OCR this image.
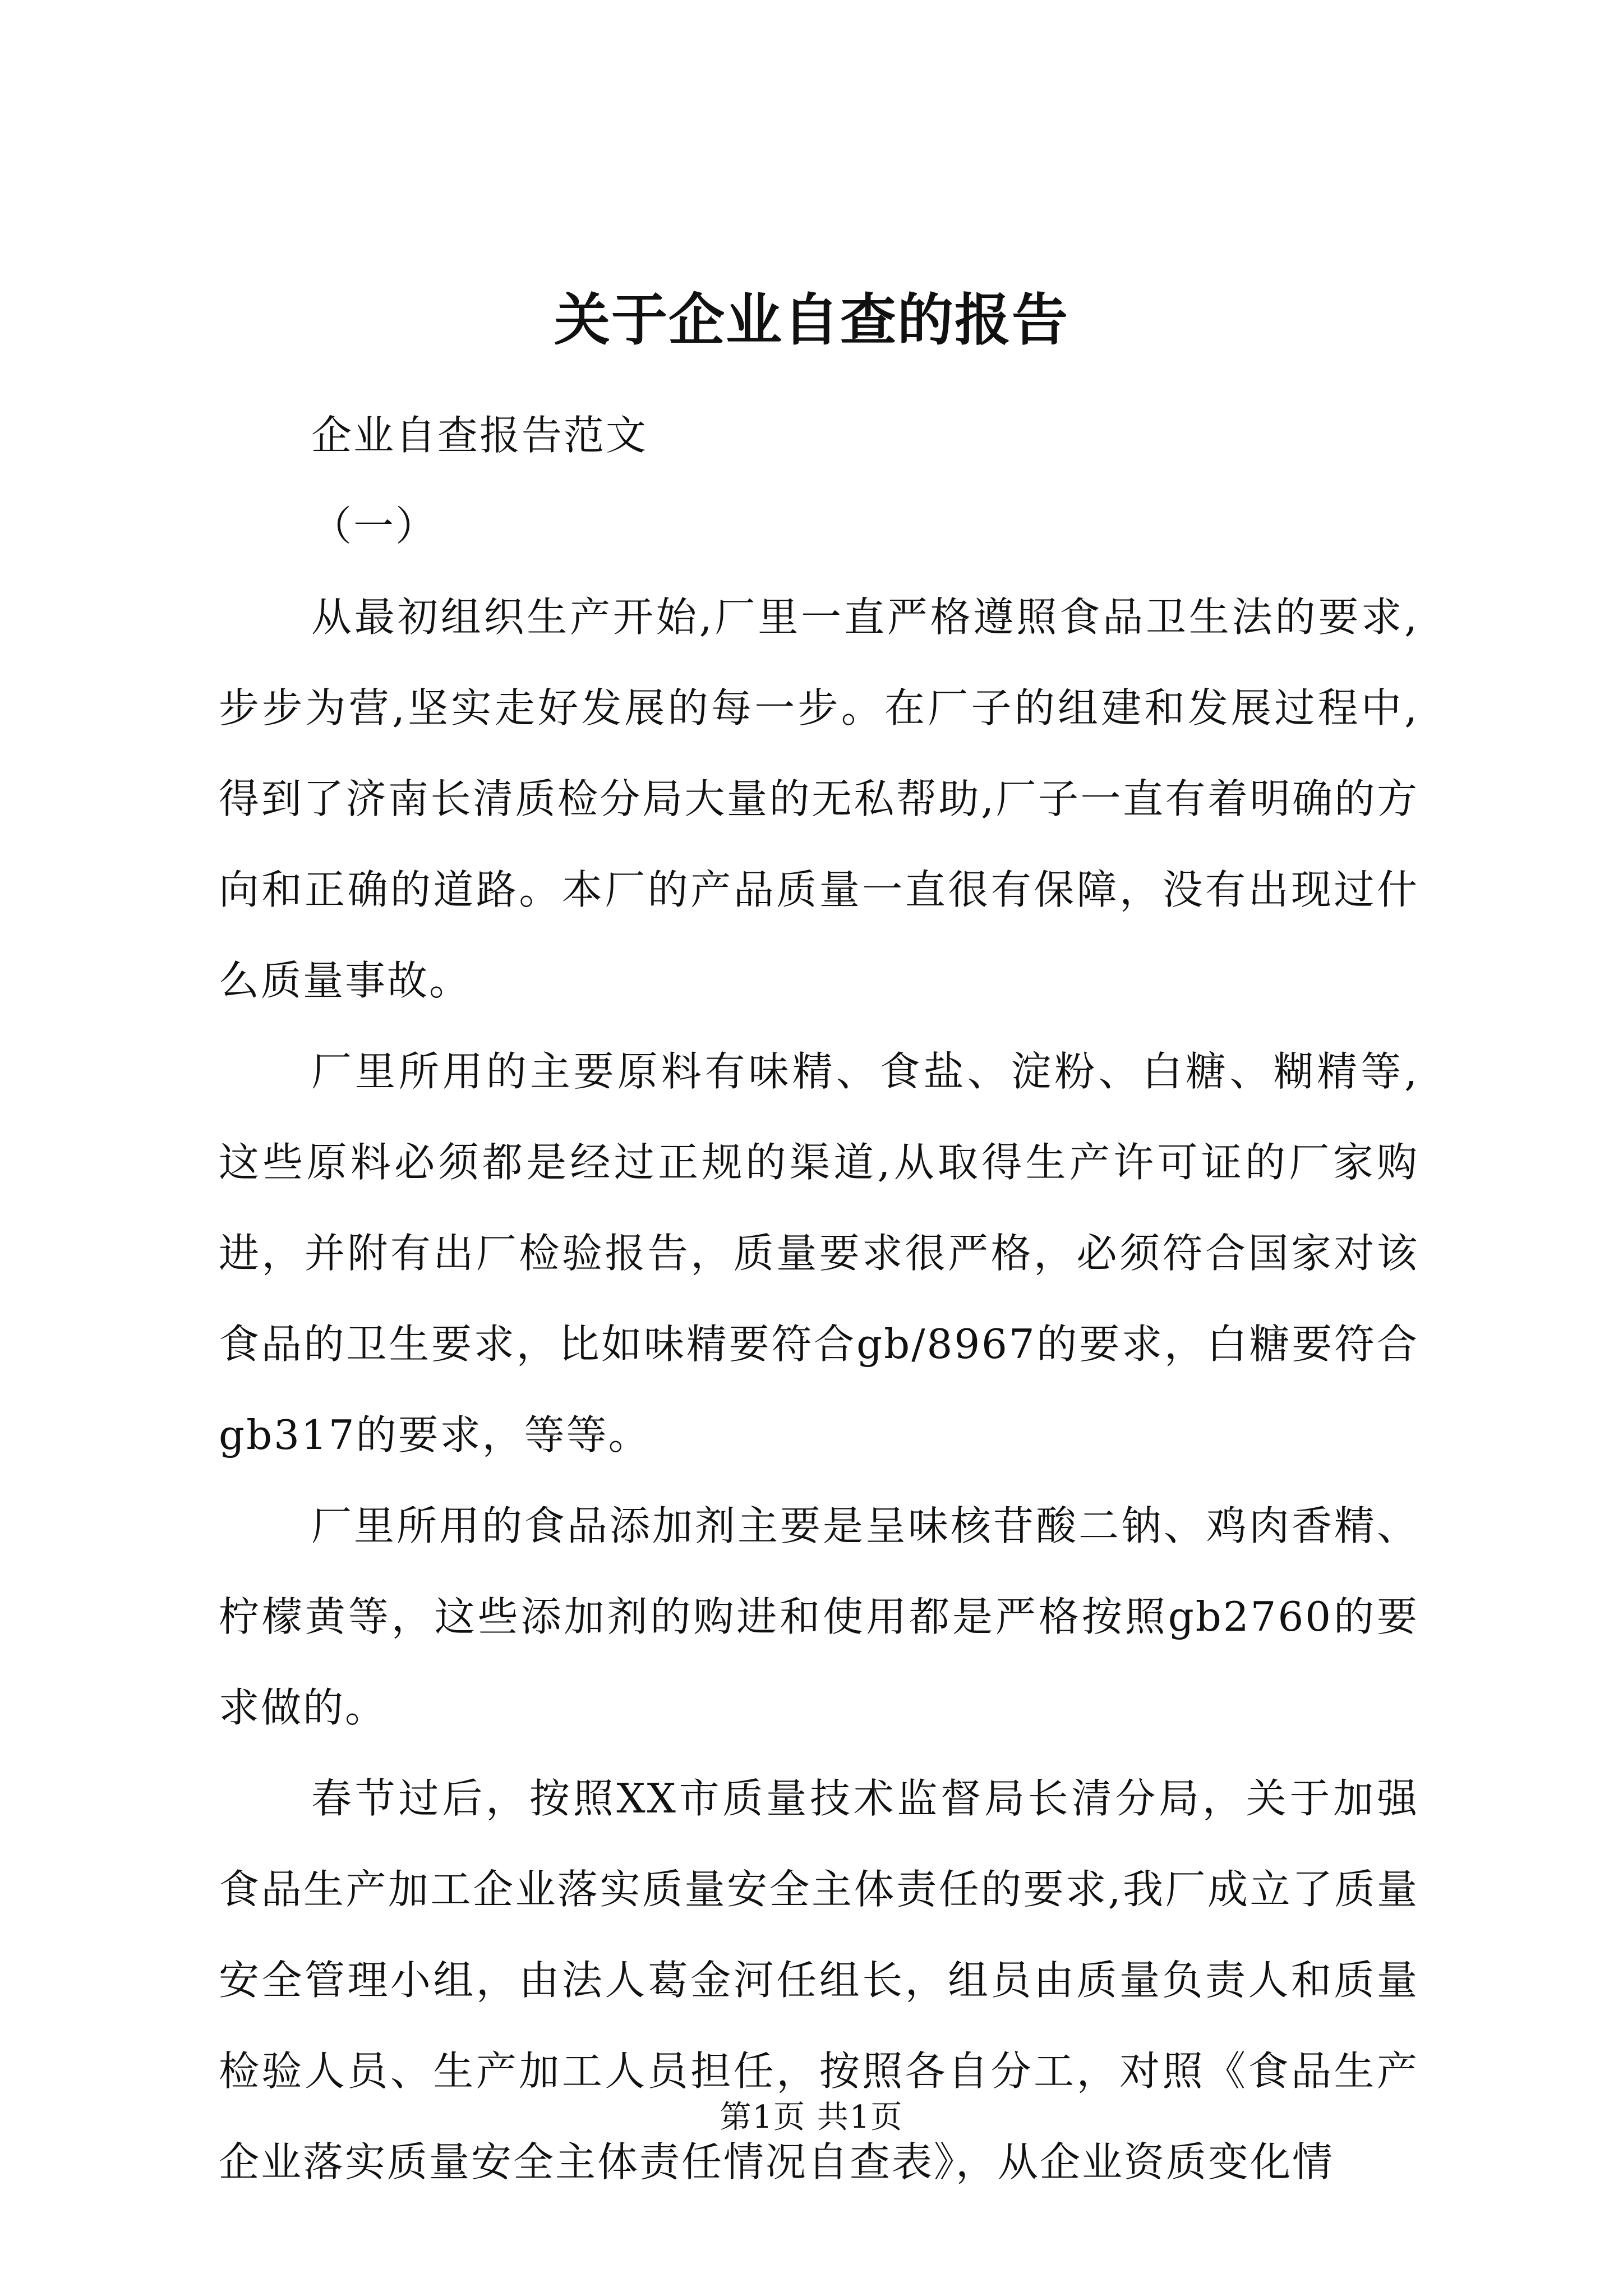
关于企业自查的报告

企业自查报告范文

（一）

从最初组织生产开始,厂里一直严格遵照食品卫生法的要求,步步为营,坚实走好发展的每一步。在厂子的组建和发展过程中,得到了济南长清质检分局大量的无私帮助,厂子一直有着明确的方向和正确的道路。本厂的产品质量一直很有保障，没有出现过什么质量事故。

厂里所用的主要原料有味精、食盐、淀粉、白糖、糊精等,这些原料必须都是经过正规的渠道,从取得生产许可证的厂家购进，并附有出厂检验报告，质量要求很严格，必须符合国家对该食品的卫生要求，比如味精要符合gb/8967的要求，白糖要符合gb317的要求，等等。

厂里所用的食品添加剂主要是呈味核苷酸二钠、鸡肉香精、柠檬黄等，这些添加剂的购进和使用都是严格按照gb2760的要求做的。

春节过后，按照XX市质量技术监督局长清分局，关于加强食品生产加工企业落实质量安全主体责任的要求,我厂成立了质量安全管理小组，由法人葛金河任组长，组员由质量负责人和质量检验人员、生产加工人员担任，按照各自分工，对照《食品生产企业落实质量安全主体责任情况自查表》，从企业资质变化情

第1页 共1页
